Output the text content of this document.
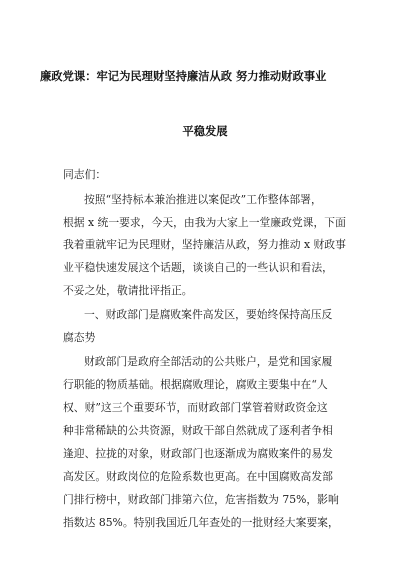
廉政党课：牢记为民理财坚持廉洁从政 努力推动财政事业
平稳发展
同志们：
按照“坚持标本兼治推进以案促改”工作整体部署，
根据 x 统一要求，今天，由我为大家上一堂廉政党课，下面
我着重就牢记为民理财，坚持廉洁从政，努力推动 x 财政事
业平稳快速发展这个话题，谈谈自己的一些认识和看法，
不妥之处，敬请批评指正。
一、财政部门是腐败案件高发区，要始终保持高压反
腐态势
财政部门是政府全部活动的公共账户，是党和国家履
行职能的物质基础。根据腐败理论，腐败主要集中在“人
权、财”这三个重要环节，而财政部门掌管着财政资金这
种非常稀缺的公共资源，财政干部自然就成了逐利者争相
逢迎、拉拢的对象，财政部门也逐渐成为腐败案件的易发
高发区。财政岗位的危险系数也更高。在中国腐败高发部
门排行榜中，财政部门排第六位，危害指数为 75%，影响
指数达 85%。特别我国近几年查处的一批财经大案要案，
